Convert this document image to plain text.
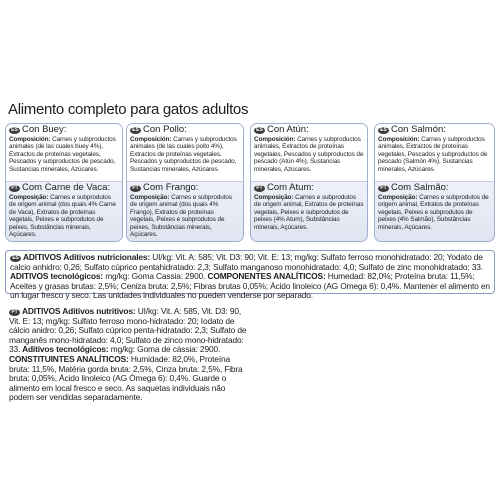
Alimento completo para gatos adultos
ES Con Buey:
Composición: Carnes y subproductos animales (de las cuales buey 4%), Extractos de proteínas vegetales, Pescados y subproductos de pescado, Sustancias minerales, Azúcares.
PT Com Carne de Vaca:
Composição: Carnes e subprodutos de origem animal (dos quais 4% Carne de Vaca), Extratos de proteínas vegetais, Peixes e subprodutos de peixes, Substâncias minerais, Açúcares.
ES Con Pollo:
Composición: Carnes y subproductos animales (de las cuales pollo 4%), Extractos de proteínas vegetales, Pescados y subproductos de pescado, Sustancias minerales, Azúcares.
PT Com Frango:
Composição: Carnes e subprodutos de origem animal (dos quais 4% Frango), Extratos de proteínas vegetais, Peixes e subprodutos de peixes, Substâncias minerais, Açúcares.
ES Con Atún:
Composición: Carnes y subproductos animales, Extractos de proteínas vegetales, Pescados y subproductos de pescado (Atún 4%), Sustancias minerales, Azúcares.
PT Com Atum:
Composição: Carnes e subprodutos de origem animal, Extratos de proteínas vegetais, Peixes e subprodutos de peixes (4% Atum), Substâncias minerais, Açúcares.
ES Con Salmón:
Composición: Carnes y subproductos animales, Extractos de proteínas vegetales, Pescados y subproductos de pescado (Salmón 4%), Sustancias minerales, Azúcares.
PT Com Salmão:
Composição: Carnes e subprodutos de origem animal, Extratos de proteínas vegetais, Peixes e subprodutos de peixes (4% Salmão), Substâncias minerais, Açúcares.
ES ADITIVOS Aditivos nutricionales: UI/kg: Vit. A: 585; Vit. D3: 90; Vit. E: 13; mg/kg: Sulfato ferroso monohidratado: 20; Yodato de calcio anhidro: 0,26; Sulfato cúprico pentahidratado: 2,3; Sulfato manganoso monohidratado: 4,0; Sulfato de zinc monohidratado: 33. ADITIVOS tecnológicos: mg/kg: Goma Cassia: 2900. COMPONENTES ANALÍTICOS: Humedad: 82,0%; Proteína bruta: 11,5%; Aceites y grasas brutas: 2,5%; Ceniza bruta: 2,5%; Fibras brutas 0,05%; Ácido linoleico (AG Omega 6): 0,4%. Mantener el alimento en un lugar fresco y seco. Las unidades individuales no pueden venderse por separado.
PT ADITIVOS Aditivos nutritivos: UI/kg: Vit. A: 585, Vit. D3: 90, Vit. E: 13; mg/kg: Sulfato ferroso mono-hidratado: 20; Iodato de cálcio anidro: 0,26; Sulfato cúprico penta-hidratado: 2,3; Sulfato de manganês mono-hidratado: 4,0; Sulfato de zinco mono-hidratado: 33. Aditivos tecnológicos: mg/kg: Goma de cássia: 2900. CONSTITUINTES ANALÍTICOS: Humidade: 82,0%, Proteína bruta: 11,5%, Matéria gorda bruta: 2,5%, Cinza bruta: 2,5%, Fibra bruta: 0,05%, Ácido linoleico (AG Ómega 6): 0,4%. Guarde o alimento em local fresco e seco. As saquetas individuais não podem ser vendidas separadamente.
